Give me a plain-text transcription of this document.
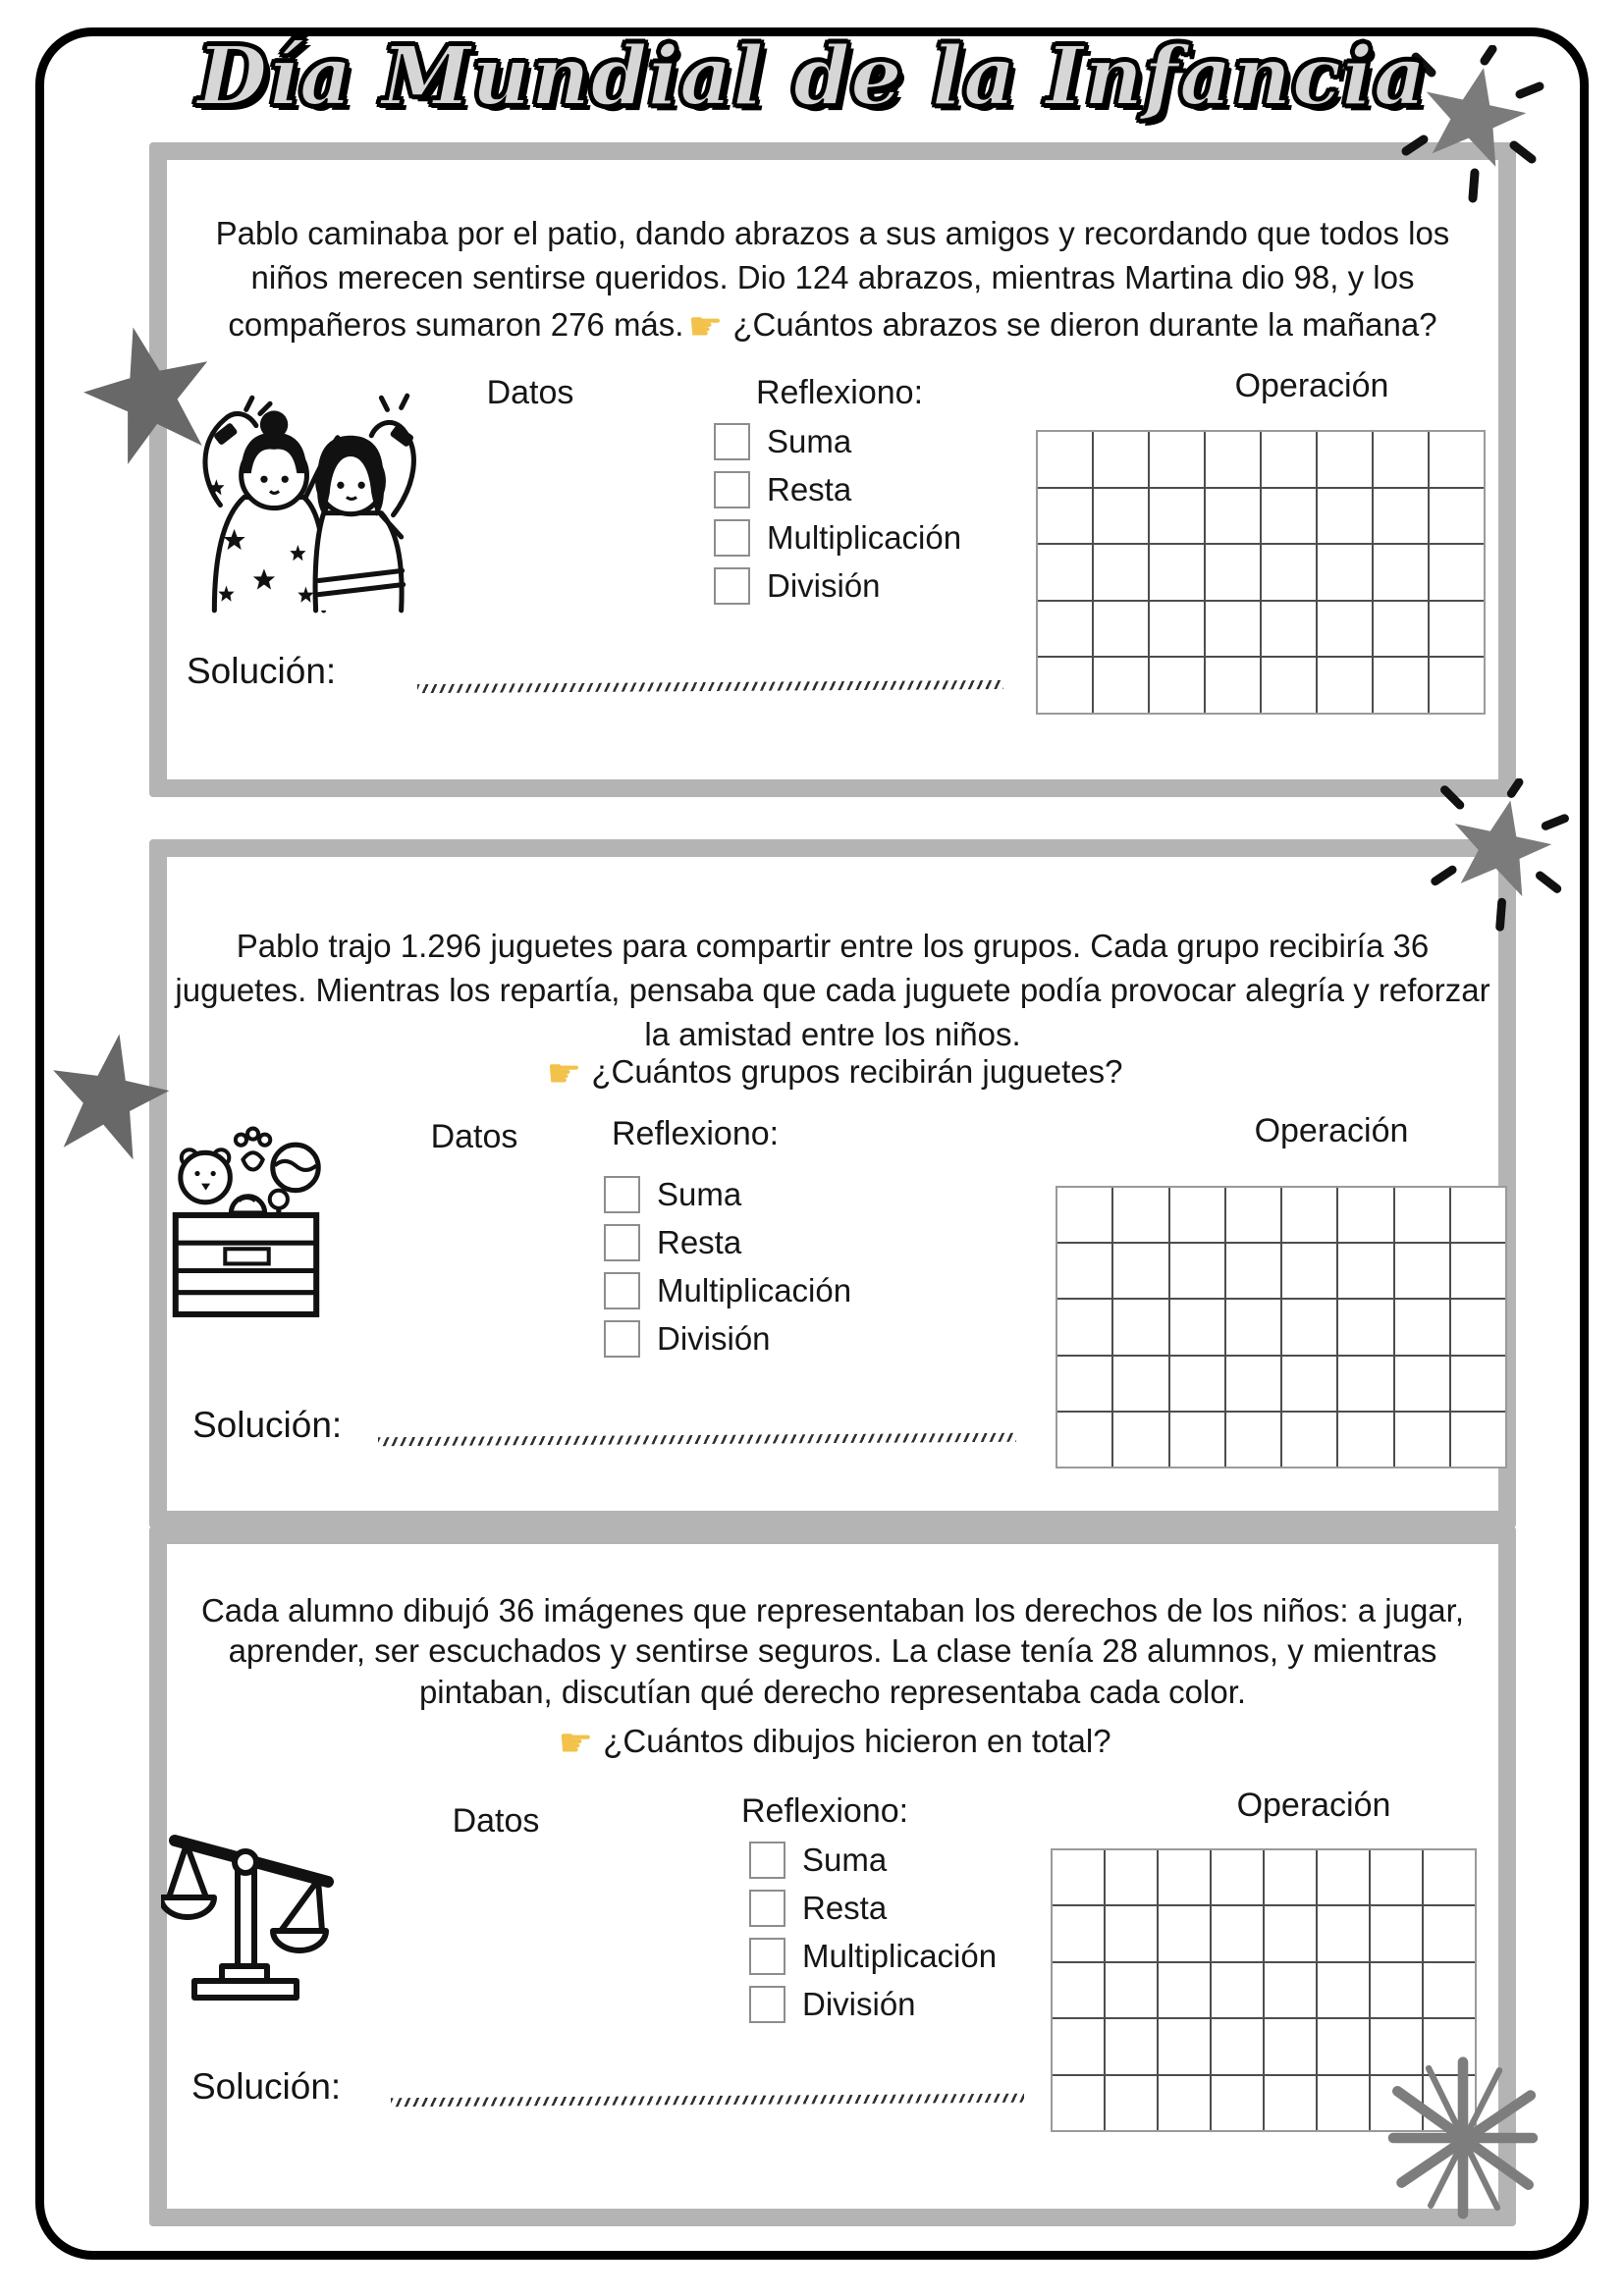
Día Mundial de la Infancia

Pablo caminaba por el patio, dando abrazos a sus amigos y recordando que todos los niños merecen sentirse queridos. Dio 124 abrazos, mientras Martina dio 98, y los compañeros sumaron 276 más. ☛ ¿Cuántos abrazos se dieron durante la mañana?

Datos	Reflexiono:	Operación
Suma
Resta
Multiplicación
División
Solución:

Pablo trajo 1.296 juguetes para compartir entre los grupos. Cada grupo recibiría 36 juguetes. Mientras los repartía, pensaba que cada juguete podía provocar alegría y reforzar la amistad entre los niños.

☛ ¿Cuántos grupos recibirán juguetes?
Datos	Reflexiono:	Operación
Suma
Resta
Multiplicación
División
Solución:

Cada alumno dibujó 36 imágenes que representaban los derechos de los niños: a jugar, aprender, ser escuchados y sentirse seguros. La clase tenía 28 alumnos, y mientras pintaban, discutían qué derecho representaba cada color.

☛ ¿Cuántos dibujos hicieron en total?
Datos	Reflexiono:	Operación
Suma
Resta
Multiplicación
División
Solución:
